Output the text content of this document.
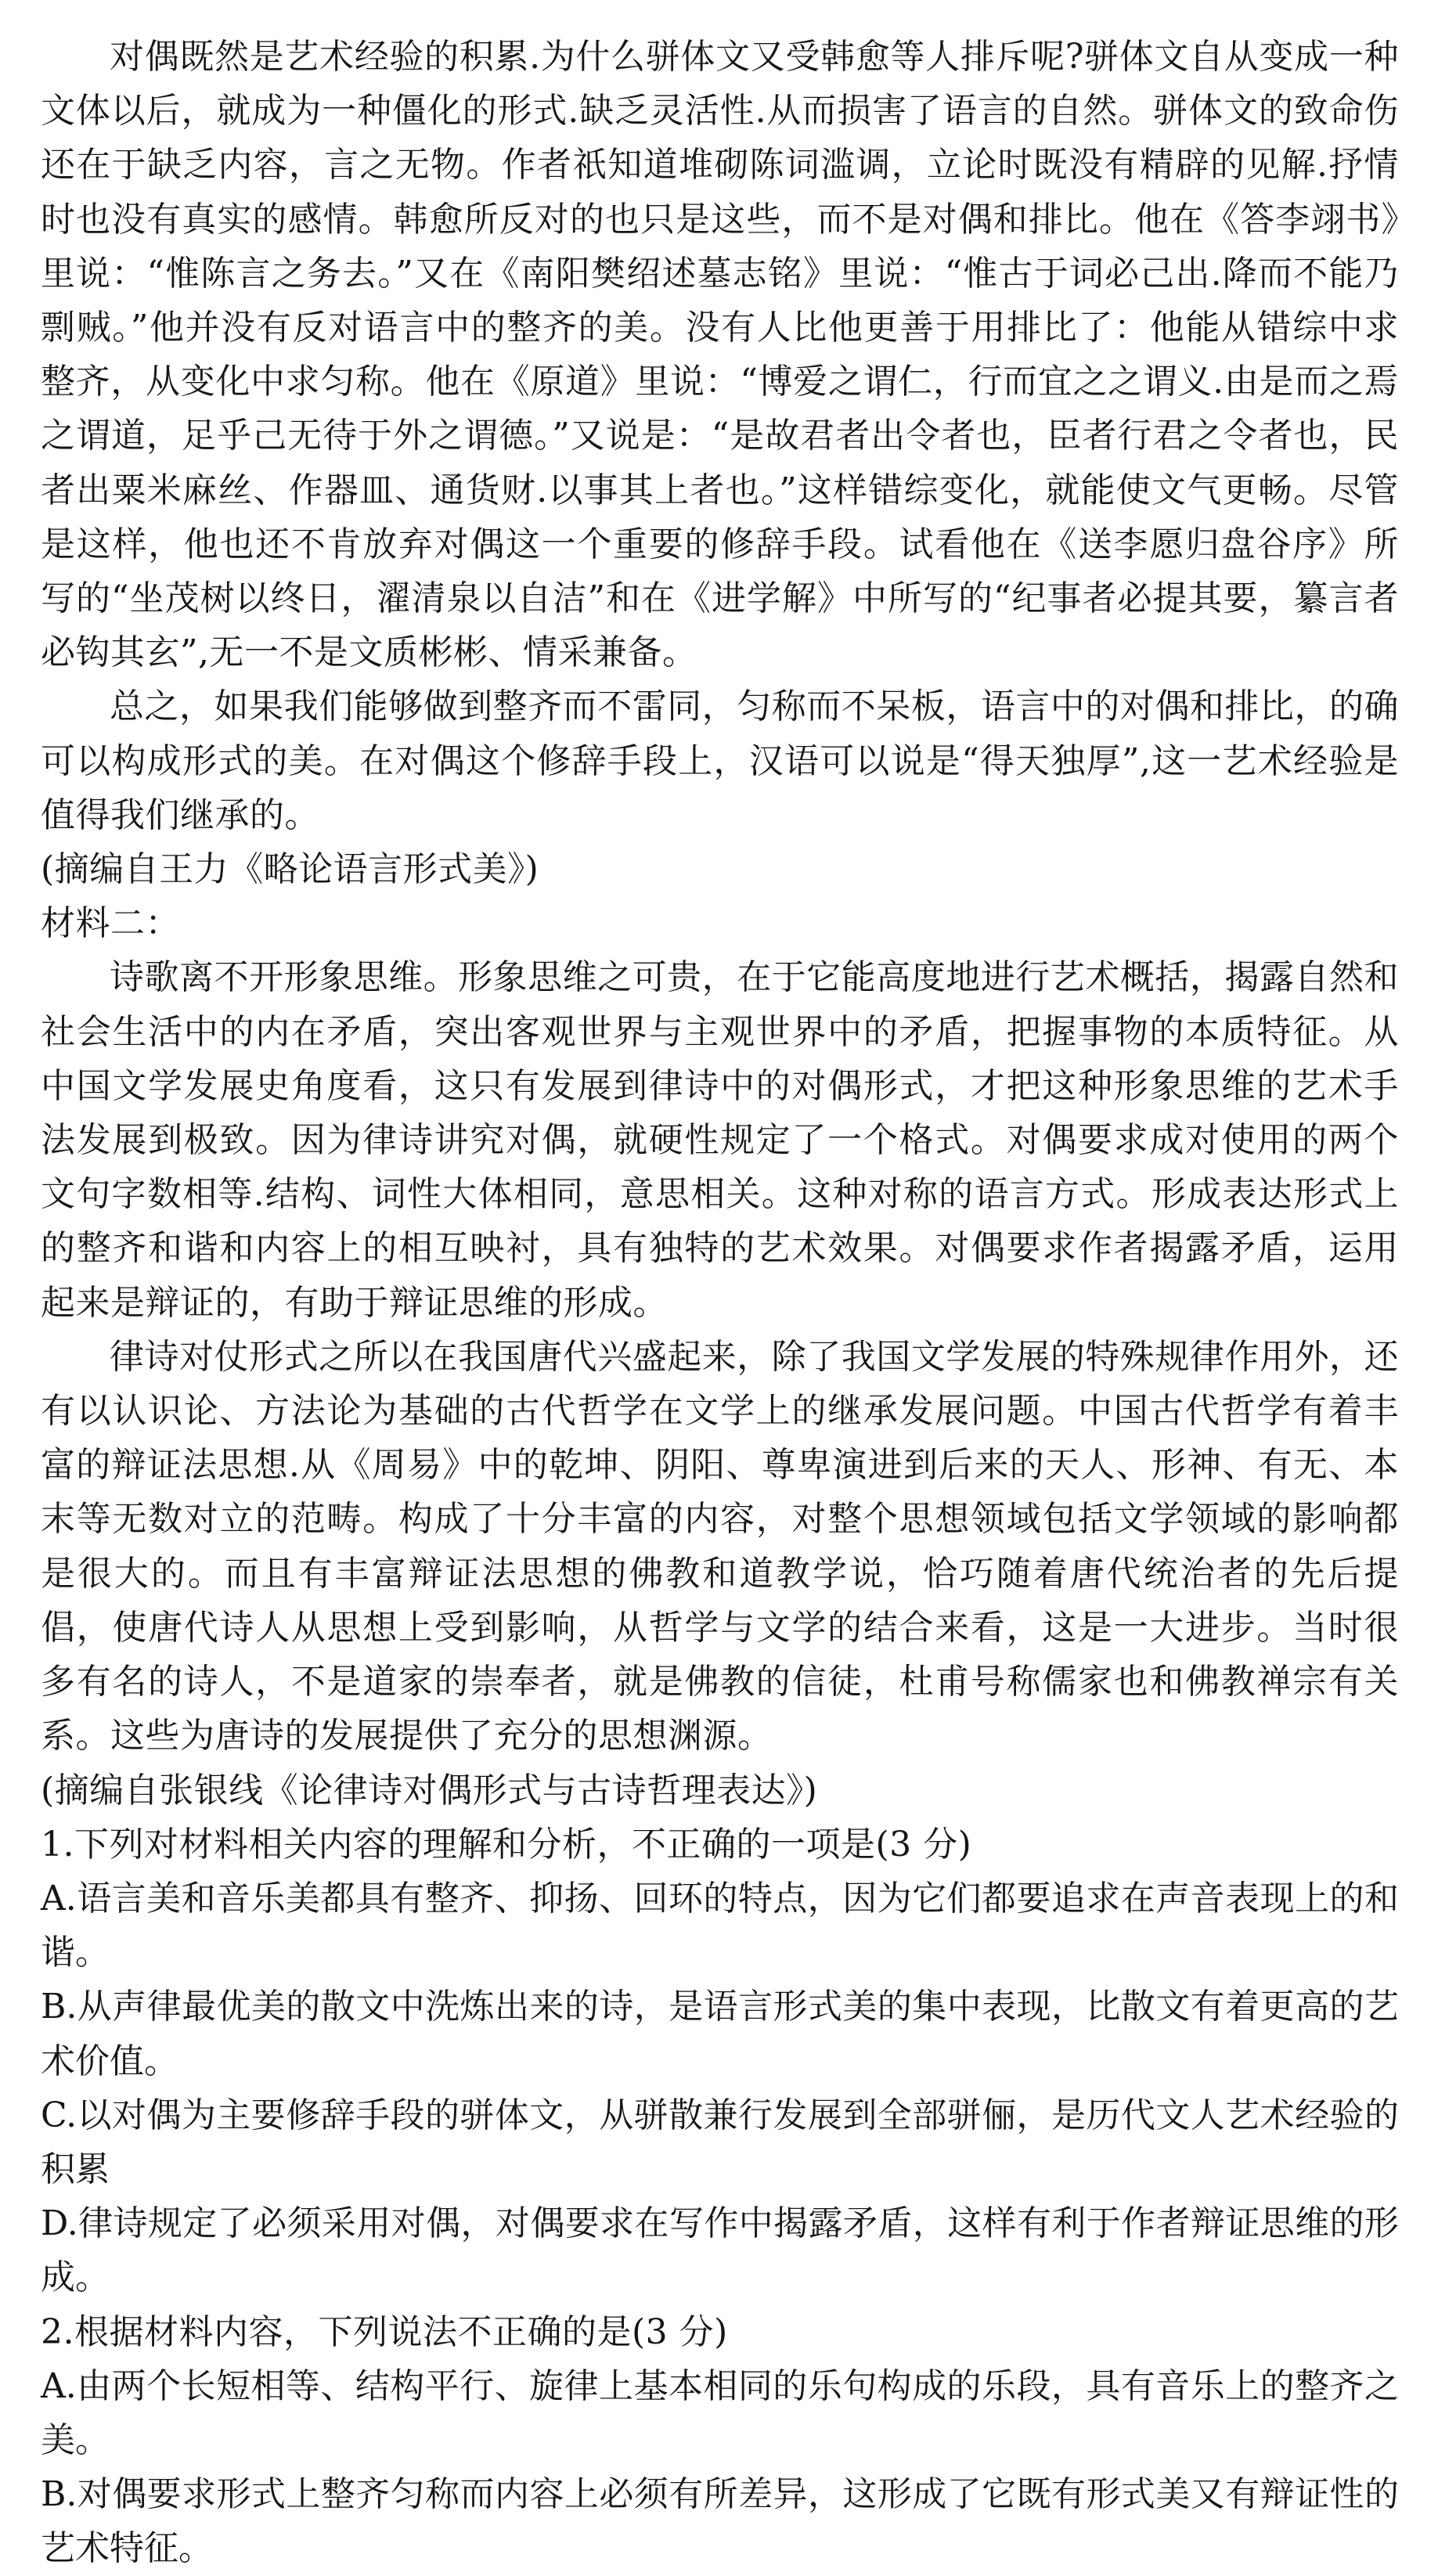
对偶既然是艺术经验的积累.为什么骈体文又受韩愈等人排斥呢?骈体文自从变成一种文体以后，就成为一种僵化的形式.缺乏灵活性.从而损害了语言的自然。骈体文的致命伤还在于缺乏内容，言之无物。作者祇知道堆砌陈词滥调，立论时既没有精辟的见解.抒情时也没有真实的感情。韩愈所反对的也只是这些，而不是对偶和排比。他在《答李翊书》里说：“惟陈言之务去。”又在《南阳樊绍述墓志铭》里说：“惟古于词必己出.降而不能乃剽贼。”他并没有反对语言中的整齐的美。没有人比他更善于用排比了：他能从错综中求整齐，从变化中求匀称。他在《原道》里说：“博爱之谓仁，行而宜之之谓义.由是而之焉之谓道，足乎己无待于外之谓德。”又说是：“是故君者出令者也，臣者行君之令者也，民者出粟米麻丝、作器皿、通货财.以事其上者也。”这样错综变化，就能使文气更畅。尽管是这样，他也还不肯放弃对偶这一个重要的修辞手段。试看他在《送李愿归盘谷序》所写的“坐茂树以终日，濯清泉以自洁”和在《进学解》中所写的“纪事者必提其要，纂言者必钩其玄”,无一不是文质彬彬、情采兼备。

总之，如果我们能够做到整齐而不雷同，匀称而不呆板，语言中的对偶和排比，的确可以构成形式的美。在对偶这个修辞手段上，汉语可以说是“得天独厚”,这一艺术经验是值得我们继承的。

(摘编自王力《略论语言形式美》)

材料二：

诗歌离不开形象思维。形象思维之可贵，在于它能高度地进行艺术概括，揭露自然和社会生活中的内在矛盾，突出客观世界与主观世界中的矛盾，把握事物的本质特征。从中国文学发展史角度看，这只有发展到律诗中的对偶形式，才把这种形象思维的艺术手法发展到极致。因为律诗讲究对偶，就硬性规定了一个格式。对偶要求成对使用的两个文句字数相等.结构、词性大体相同，意思相关。这种对称的语言方式。形成表达形式上的整齐和谐和内容上的相互映衬，具有独特的艺术效果。对偶要求作者揭露矛盾，运用起来是辩证的，有助于辩证思维的形成。

律诗对仗形式之所以在我国唐代兴盛起来，除了我国文学发展的特殊规律作用外，还有以认识论、方法论为基础的古代哲学在文学上的继承发展问题。中国古代哲学有着丰富的辩证法思想.从《周易》中的乾坤、阴阳、尊卑演进到后来的天人、形神、有无、本末等无数对立的范畴。构成了十分丰富的内容，对整个思想领域包括文学领域的影响都是很大的。而且有丰富辩证法思想的佛教和道教学说，恰巧随着唐代统治者的先后提倡，使唐代诗人从思想上受到影响，从哲学与文学的结合来看，这是一大进步。当时很多有名的诗人，不是道家的崇奉者，就是佛教的信徒，杜甫号称儒家也和佛教禅宗有关系。这些为唐诗的发展提供了充分的思想渊源。

(摘编自张银线《论律诗对偶形式与古诗哲理表达》)

1.下列对材料相关内容的理解和分析，不正确的一项是(3 分)

A.语言美和音乐美都具有整齐、抑扬、回环的特点，因为它们都要追求在声音表现上的和谐。

B.从声律最优美的散文中洗炼出来的诗，是语言形式美的集中表现，比散文有着更高的艺术价值。

C.以对偶为主要修辞手段的骈体文，从骈散兼行发展到全部骈俪，是历代文人艺术经验的积累

D.律诗规定了必须采用对偶，对偶要求在写作中揭露矛盾，这样有利于作者辩证思维的形成。

2.根据材料内容，下列说法不正确的是(3 分)

A.由两个长短相等、结构平行、旋律上基本相同的乐句构成的乐段，具有音乐上的整齐之美。

B.对偶要求形式上整齐匀称而内容上必须有所差异，这形成了它既有形式美又有辩证性的艺术特征。
